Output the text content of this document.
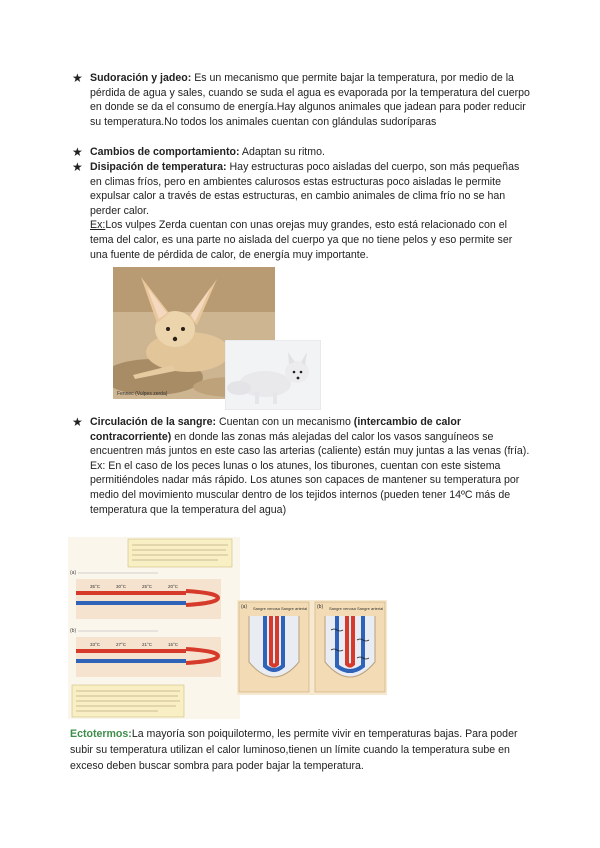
★ Sudoración y jadeo: Es un mecanismo que permite bajar la temperatura, por medio de la pérdida de agua y sales, cuando se suda el agua es evaporada por la temperatura del cuerpo en donde se da el consumo de energía.Hay algunos animales que jadean para poder reducir su temperatura.No todos los animales cuentan con glándulas sudoríparas
★ Cambios de comportamiento: Adaptan su ritmo.
★ Disipación de temperatura: Hay estructuras poco aisladas del cuerpo, son más pequeñas en climas fríos, pero en ambientes calurosos estas estructuras poco aisladas le permite expulsar calor a través de estas estructuras, en cambio animales de clima frío no se han perder calor.
Ex:Los vulpes Zerda cuentan con unas orejas muy grandes, esto está relacionado con el tema del calor, es una parte no aislada del cuerpo ya que no tiene pelos y eso permite ser una fuente de pérdida de calor, de energía muy importante.
Fennec (Vulpes zerda)
★ Circulación de la sangre: Cuentan con un mecanismo (intercambio de calor contracorriente) en donde las zonas más alejadas del calor los vasos sanguíneos se encuentren más juntos en este caso las arterias (caliente) están muy juntas a las venas (fría).
Ex: En el caso de los peces lunas o los atunes, los tiburones, cuentan con este sistema permitiéndoles nadar más rápido. Los atunes son capaces de mantener su temperatura por medio del movimiento muscular dentro de los tejidos internos (pueden tener 14ºC más de temperatura que la temperatura del agua)
(a)
35°C	30°C	25°C	20°C
(b)
33°C	27°C	21°C	15°C
(a)	(b)
Sangre venosa Sangre arterial	Sangre venosa Sangre arterial
Ectotermos:La mayoría son poiquilotermo, les permite vivir en temperaturas bajas. Para poder subir su temperatura utilizan el calor luminoso,tienen un límite cuando la temperatura sube en exceso deben buscar sombra para poder bajar la temperatura.
